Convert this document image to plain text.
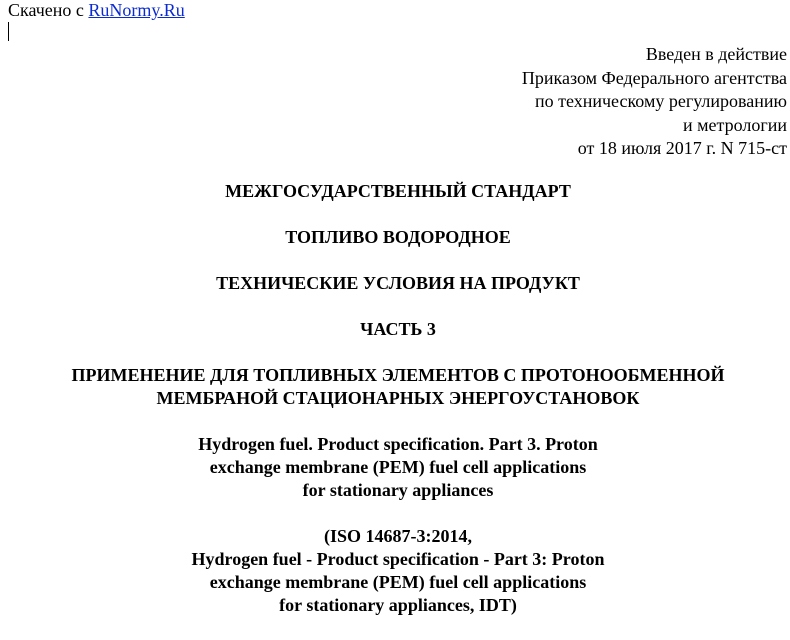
Скачено с RuNormy.Ru
Введен в действие
Приказом Федерального агентства
по техническому регулированию
и метрологии
от 18 июля 2017 г. N 715-ст
МЕЖГОСУДАРСТВЕННЫЙ СТАНДАРТ
ТОПЛИВО ВОДОРОДНОЕ
ТЕХНИЧЕСКИЕ УСЛОВИЯ НА ПРОДУКТ
ЧАСТЬ 3
ПРИМЕНЕНИЕ ДЛЯ ТОПЛИВНЫХ ЭЛЕМЕНТОВ С ПРОТОНООБМЕННОЙ
МЕМБРАНОЙ СТАЦИОНАРНЫХ ЭНЕРГОУСТАНОВОК
Hydrogen fuel. Product specification. Part 3. Proton
exchange membrane (PEM) fuel cell applications
for stationary appliances
(ISO 14687-3:2014,
Hydrogen fuel - Product specification - Part 3: Proton
exchange membrane (PEM) fuel cell applications
for stationary appliances, IDT)
